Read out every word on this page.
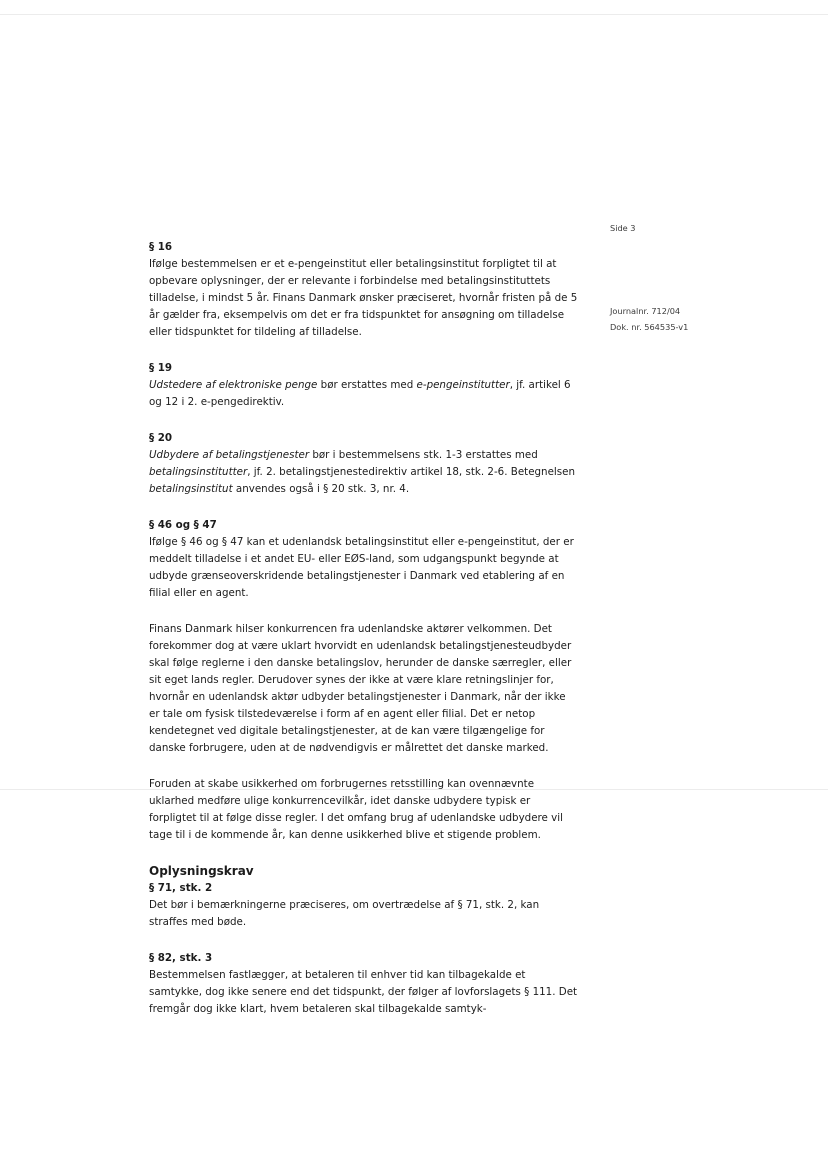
Side 3
Journalnr. 712/04
Dok. nr. 564535-v1
§ 16
Ifølge bestemmelsen er et e-pengeinstitut eller betalingsinstitut forpligtet til at opbevare oplysninger, der er relevante i forbindelse med betalingsinstituttets tilladelse, i mindst 5 år. Finans Danmark ønsker præciseret, hvornår fristen på de 5 år gælder fra, eksempelvis om det er fra tidspunktet for ansøgning om tilladelse eller tidspunktet for tildeling af tilladelse.
§ 19
Udstedere af elektroniske penge bør erstattes med e-pengeinstitutter, jf. artikel 6 og 12 i 2. e-pengedirektiv.
§ 20
Udbydere af betalingstjenester bør i bestemmelsens stk. 1-3 erstattes med betalingsinstitutter, jf. 2. betalingstjenestedirektiv artikel 18, stk. 2-6. Betegnelsen betalingsinstitut anvendes også i § 20 stk. 3, nr. 4.
§ 46 og § 47
Ifølge § 46 og § 47 kan et udenlandsk betalingsinstitut eller e-pengeinstitut, der er meddelt tilladelse i et andet EU- eller EØS-land, som udgangspunkt begynde at udbyde grænseoverskridende betalingstjenester i Danmark ved etablering af en filial eller en agent.

Finans Danmark hilser konkurrencen fra udenlandske aktører velkommen. Det forekommer dog at være uklart hvorvidt en udenlandsk betalingstjenesteudbyder skal følge reglerne i den danske betalingslov, herunder de danske særregler, eller sit eget lands regler. Derudover synes der ikke at være klare retningslinjer for, hvornår en udenlandsk aktør udbyder betalingstjenester i Danmark, når der ikke er tale om fysisk tilstedeværelse i form af en agent eller filial. Det er netop kendetegnet ved digitale betalingstjenester, at de kan være tilgængelige for danske forbrugere, uden at de nødvendigvis er målrettet det danske marked.

Foruden at skabe usikkerhed om forbrugernes retsstilling kan ovennævnte uklarhed medføre ulige konkurrencevilkår, idet danske udbydere typisk er forpligtet til at følge disse regler. I det omfang brug af udenlandske udbydere vil tage til i de kommende år, kan denne usikkerhed blive et stigende problem.

Oplysningskrav
§ 71, stk. 2
Det bør i bemærkningerne præciseres, om overtrædelse af § 71, stk. 2, kan straffes med bøde.
§ 82, stk. 3
Bestemmelsen fastlægger, at betaleren til enhver tid kan tilbagekalde et samtykke, dog ikke senere end det tidspunkt, der følger af lovforslagets § 111. Det fremgår dog ikke klart, hvem betaleren skal tilbagekalde samtyk-
